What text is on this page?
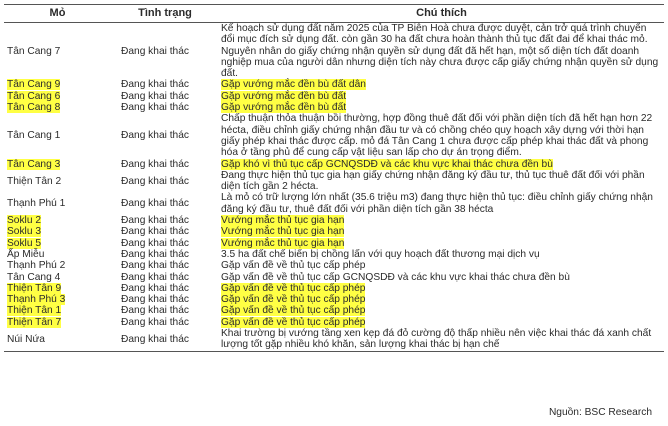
Mỏ	Tình trạng	Chú thích
Tân Cang 7	Đang khai thác	Kế hoạch sử dụng đất năm 2025 của TP Biên Hoà chưa được duyệt, cản trở quá trình chuyển đổi mục đích sử dụng đất. còn gần 30 ha đất chưa hoàn thành thủ tục đất đai để khai thác mỏ. Nguyên nhân do giấy chứng nhận quyền sử dụng đất đã hết hạn, một số diện tích đất doanh nghiệp mua của người dân nhưng diện tích này chưa được cấp giấy chứng nhận quyền sử dụng đất.
Tân Cang 9	Đang khai thác	Gặp vướng mắc đền bù đất dân
Tân Cang 6	Đang khai thác	Gặp vướng mắc đền bù đất
Tân Cang 8	Đang khai thác	Gặp vướng mắc đền bù đất
Tân Cang 1	Đang khai thác	Chấp thuận thỏa thuận bồi thường, hợp đồng thuê đất đối với phần diện tích đã hết hạn hơn 22 hécta, điều chỉnh giấy chứng nhận đầu tư và có chồng chéo quy hoạch xây dựng với thời hạn giấy phép khai thác được cấp. mỏ đá Tân Cang 1 chưa được cấp phép khai thác đất và phong hóa ở tầng phủ để cung cấp vật liệu san lấp cho dự án trọng điểm.
Tân Cang 3	Đang khai thác	Gặp khó vì thủ tục cấp GCNQSDĐ và các khu vực khai thác chưa đền bù
Thiện Tân 2	Đang khai thác	Đang thực hiện thủ tục gia hạn giấy chứng nhận đăng ký đầu tư, thủ tục thuê đất đối với phần diện tích gần 2 hécta.
Thạnh Phú 1	Đang khai thác	Là mỏ có trữ lượng lớn nhất (35.6 triệu m3) đang thực hiện thủ tục: điều chỉnh giấy chứng nhận đăng ký đầu tư, thuê đất đối với phần diện tích gần 38 hécta
Soklu 2	Đang khai thác	Vướng mắc thủ tục gia hạn
Soklu 3	Đang khai thác	Vướng mắc thủ tục gia hạn
Soklu 5	Đang khai thác	Vướng mắc thủ tục gia hạn
Ấp Miễu	Đang khai thác	3.5 ha đất chế biến bị chồng lấn với quy hoạch đất thương mại dịch vụ
Thạnh Phú 2	Đang khai thác	Gặp vấn đề về thủ tục cấp phép
Tân Cang 4	Đang khai thác	Gặp vấn đề về thủ tục cấp GCNQSDĐ và các khu vực khai thác chưa đền bù
Thiện Tân 9	Đang khai thác	Gặp vấn đề về thủ tục cấp phép
Thạnh Phú 3	Đang khai thác	Gặp vấn đề về thủ tục cấp phép
Thiện Tân 1	Đang khai thác	Gặp vấn đề về thủ tục cấp phép
Thiện Tân 7	Đang khai thác	Gặp vấn đề về thủ tục cấp phép
Núi Nứa	Đang khai thác	Khai trường bị vướng tầng xen kẹp đá đỏ cường độ thấp nhiều nên việc khai thác đá xanh chất lượng tốt gặp nhiều khó khăn, sản lượng khai thác bị hạn chế
Nguồn: BSC Research
